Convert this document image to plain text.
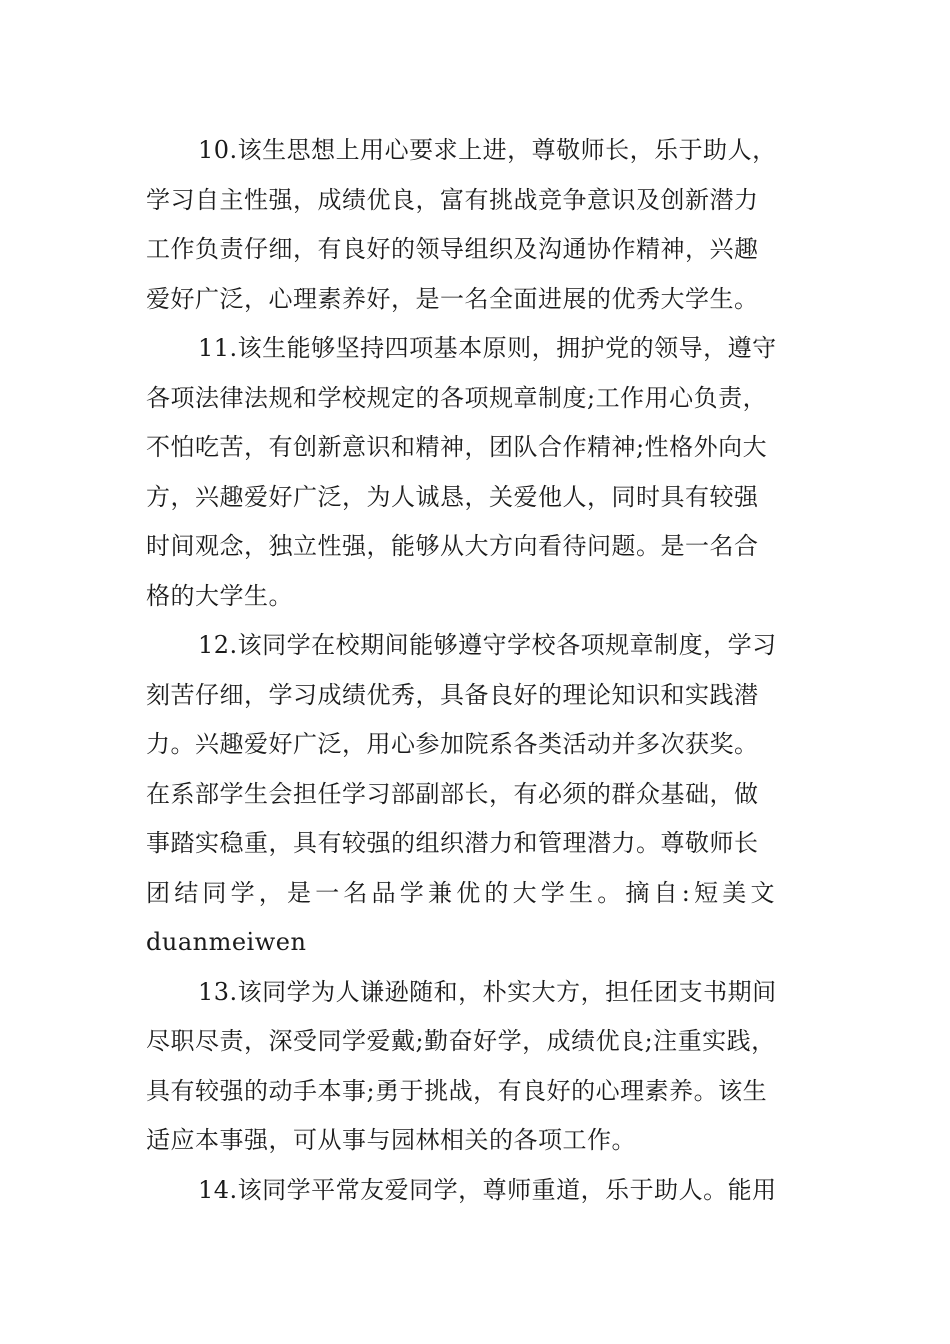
10.该生思想上用心要求上进，尊敬师长，乐于助人，
学习自主性强，成绩优良，富有挑战竞争意识及创新潜力
工作负责仔细，有良好的领导组织及沟通协作精神，兴趣
爱好广泛，心理素养好，是一名全面进展的优秀大学生。
11.该生能够坚持四项基本原则，拥护党的领导，遵守
各项法律法规和学校规定的各项规章制度;工作用心负责，
不怕吃苦，有创新意识和精神，团队合作精神;性格外向大
方，兴趣爱好广泛，为人诚恳，关爱他人，同时具有较强
时间观念，独立性强，能够从大方向看待问题。是一名合
格的大学生。
12.该同学在校期间能够遵守学校各项规章制度，学习
刻苦仔细，学习成绩优秀，具备良好的理论知识和实践潜
力。兴趣爱好广泛，用心参加院系各类活动并多次获奖。
在系部学生会担任学习部副部长，有必须的群众基础，做
事踏实稳重，具有较强的组织潜力和管理潜力。尊敬师长
团结同学，是一名品学兼优的大学生。摘自:短美文
duanmeiwen
13.该同学为人谦逊随和，朴实大方，担任团支书期间
尽职尽责，深受同学爱戴;勤奋好学，成绩优良;注重实践，
具有较强的动手本事;勇于挑战，有良好的心理素养。该生
适应本事强，可从事与园林相关的各项工作。
14.该同学平常友爱同学，尊师重道，乐于助人。能用
